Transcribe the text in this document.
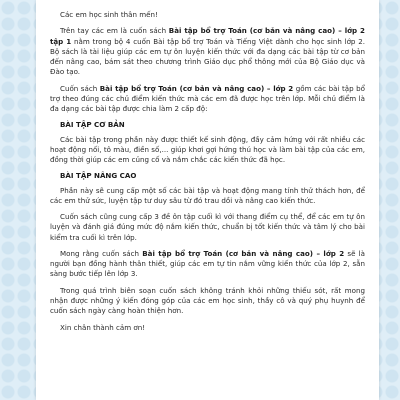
Các em học sinh thân mến!

Trên tay các em là cuốn sách Bài tập bổ trợ Toán (cơ bản và nâng cao) – lớp 2 tập 1 nằm trong bộ 4 cuốn Bài tập bổ trợ Toán và Tiếng Việt dành cho học sinh lớp 2. Bộ sách là tài liệu giúp các em tự ôn luyện kiến thức với đa dạng các bài tập từ cơ bản đến nâng cao, bám sát theo chương trình Giáo dục phổ thông mới của Bộ Giáo dục và Đào tạo.

Cuốn sách Bài tập bổ trợ Toán (cơ bản và nâng cao) – lớp 2 gồm các bài tập bổ trợ theo đúng các chủ điểm kiến thức mà các em đã được học trên lớp. Mỗi chủ điểm là đa dạng các bài tập được chia làm 2 cấp độ:

BÀI TẬP CƠ BẢN

Các bài tập trong phần này được thiết kế sinh động, đầy cảm hứng với rất nhiều các hoạt động nối, tô màu, điền số,... giúp khơi gợi hứng thú học và làm bài tập của các em, đồng thời giúp các em củng cố và nắm chắc các kiến thức đã học.

BÀI TẬP NÂNG CAO

Phần này sẽ cung cấp một số các bài tập và hoạt động mang tính thử thách hơn, để các em thử sức, luyện tập tư duy sâu từ đó trau dồi và nâng cao kiến thức.

Cuốn sách cũng cung cấp 3 đề ôn tập cuối kì với thang điểm cụ thể, để các em tự ôn luyện và đánh giá đúng mức độ nắm kiến thức, chuẩn bị tốt kiến thức và tâm lý cho bài kiểm tra cuối kì trên lớp.

Mong rằng cuốn sách Bài tập bổ trợ Toán (cơ bản và nâng cao) – lớp 2 sẽ là người bạn đồng hành thân thiết, giúp các em tự tin nắm vững kiến thức của lớp 2, sẵn sàng bước tiếp lên lớp 3.

Trong quá trình biên soạn cuốn sách không tránh khỏi những thiếu sót, rất mong nhận được những ý kiến đóng góp của các em học sinh, thầy cô và quý phụ huynh để cuốn sách ngày càng hoàn thiện hơn.

Xin chân thành cảm ơn!
